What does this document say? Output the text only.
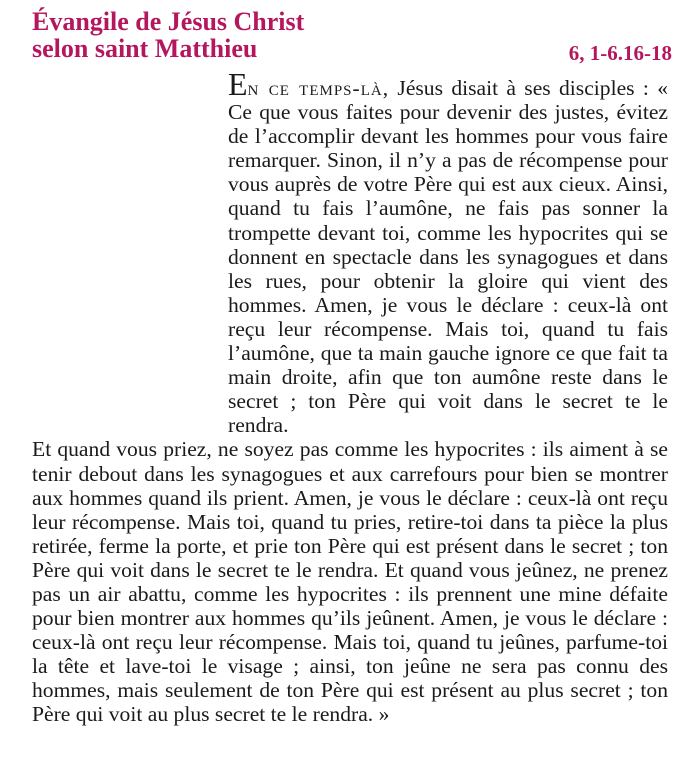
Évangile de Jésus Christ
selon saint Matthieu	6, 1-6.16-18

En ce temps-là, Jésus disait à ses disciples : « Ce que vous faites pour devenir des justes, évitez de l’accomplir devant les hommes pour vous faire remarquer. Sinon, il n’y a pas de récompense pour vous auprès de votre Père qui est aux cieux. Ainsi, quand tu fais l’aumône, ne fais pas sonner la trompette devant toi, comme les hypocrites qui se donnent en spectacle dans les synagogues et dans les rues, pour obtenir la gloire qui vient des hommes. Amen, je vous le déclare : ceux-là ont reçu leur récompense. Mais toi, quand tu fais l’aumône, que ta main gauche ignore ce que fait ta main droite, afin que ton aumône reste dans le secret ; ton Père qui voit dans le secret te le rendra.

Et quand vous priez, ne soyez pas comme les hypocrites : ils aiment à se tenir debout dans les synagogues et aux carrefours pour bien se montrer aux hommes quand ils prient. Amen, je vous le déclare : ceux-là ont reçu leur récompense. Mais toi, quand tu pries, retire-toi dans ta pièce la plus retirée, ferme la porte, et prie ton Père qui est présent dans le secret ; ton Père qui voit dans le secret te le rendra. Et quand vous jeûnez, ne prenez pas un air abattu, comme les hypocrites : ils prennent une mine défaite pour bien montrer aux hommes qu’ils jeûnent. Amen, je vous le déclare : ceux-là ont reçu leur récompense. Mais toi, quand tu jeûnes, parfume-toi la tête et lave-toi le visage ; ainsi, ton jeûne ne sera pas connu des hommes, mais seulement de ton Père qui est présent au plus secret ; ton Père qui voit au plus secret te le rendra. »
